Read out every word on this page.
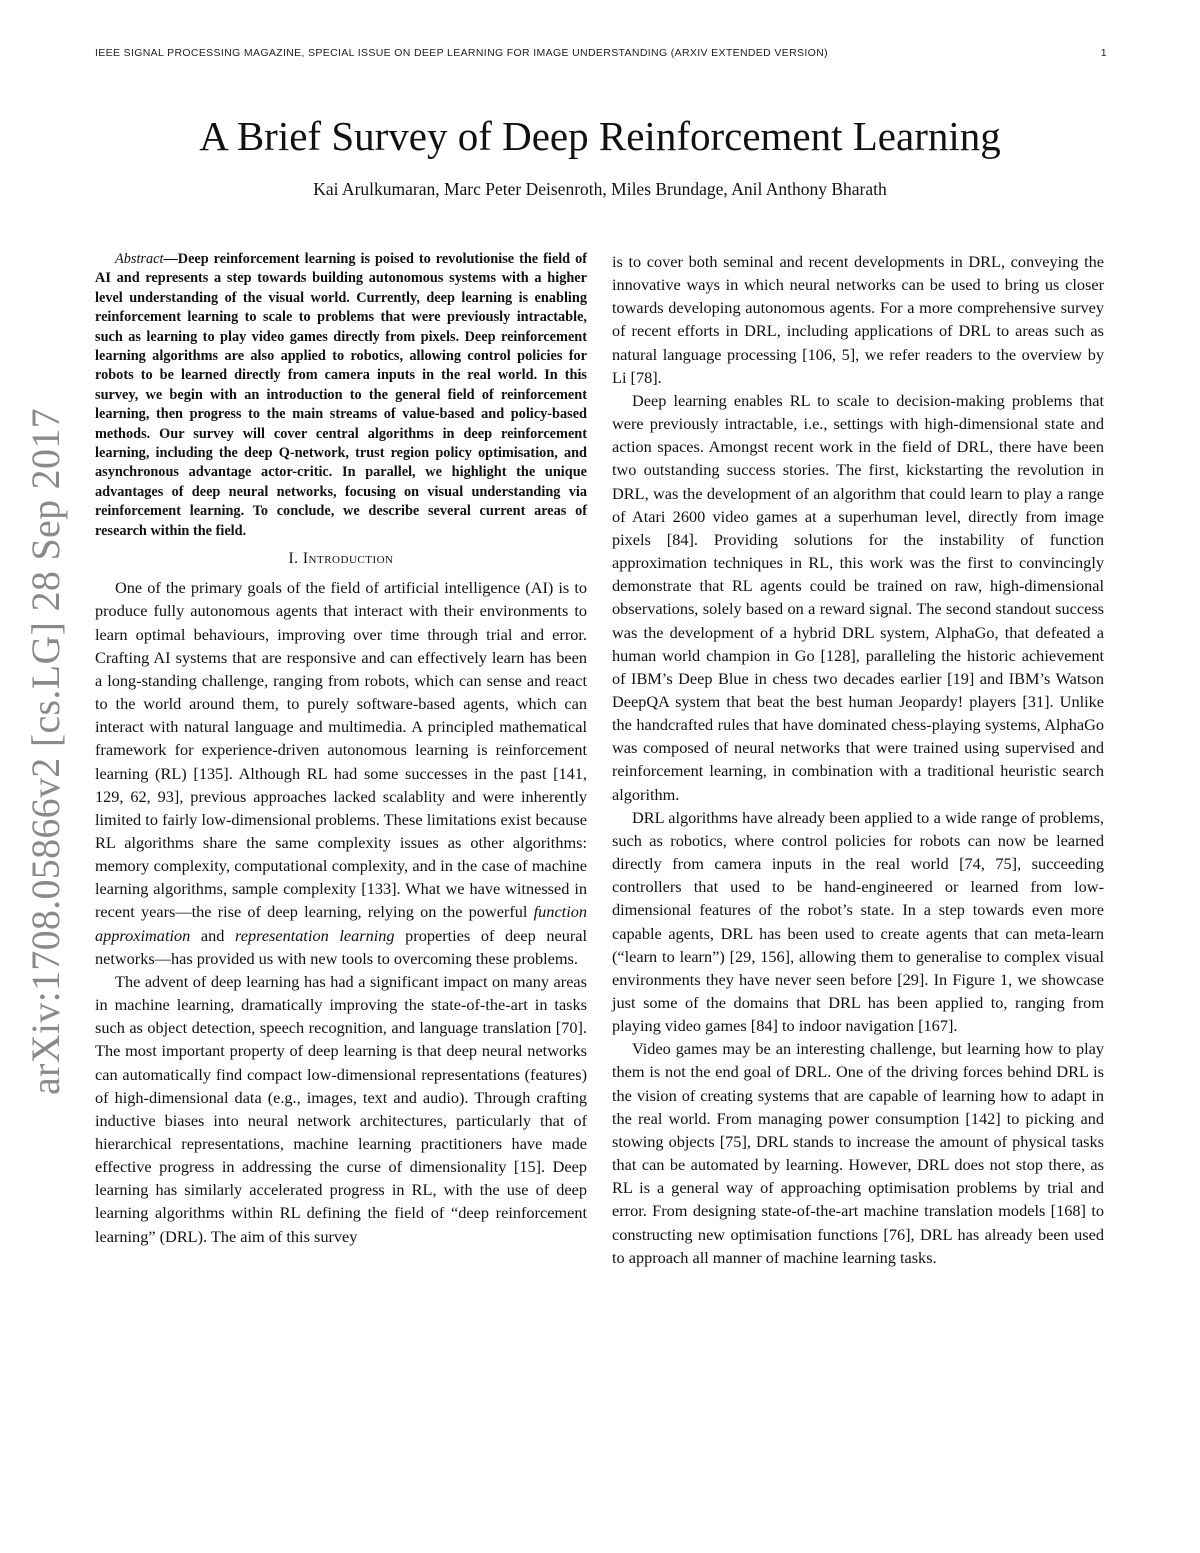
IEEE SIGNAL PROCESSING MAGAZINE, SPECIAL ISSUE ON DEEP LEARNING FOR IMAGE UNDERSTANDING (ARXIV EXTENDED VERSION)	1
arXiv:1708.05866v2 [cs.LG] 28 Sep 2017
A Brief Survey of Deep Reinforcement Learning
Kai Arulkumaran, Marc Peter Deisenroth, Miles Brundage, Anil Anthony Bharath

Abstract—Deep reinforcement learning is poised to revolutionise the field of AI and represents a step towards building autonomous systems with a higher level understanding of the visual world. Currently, deep learning is enabling reinforcement learning to scale to problems that were previously intractable, such as learning to play video games directly from pixels. Deep reinforcement learning algorithms are also applied to robotics, allowing control policies for robots to be learned directly from camera inputs in the real world. In this survey, we begin with an introduction to the general field of reinforcement learning, then progress to the main streams of value-based and policy-based methods. Our survey will cover central algorithms in deep reinforcement learning, including the deep Q-network, trust region policy optimisation, and asynchronous advantage actor-critic. In parallel, we highlight the unique advantages of deep neural networks, focusing on visual understanding via reinforcement learning. To conclude, we describe several current areas of research within the field.

I. Introduction

One of the primary goals of the field of artificial intelligence (AI) is to produce fully autonomous agents that interact with their environments to learn optimal behaviours, improving over time through trial and error. Crafting AI systems that are responsive and can effectively learn has been a long-standing challenge, ranging from robots, which can sense and react to the world around them, to purely software-based agents, which can interact with natural language and multimedia. A principled mathematical framework for experience-driven autonomous learning is reinforcement learning (RL) [135]. Although RL had some successes in the past [141, 129, 62, 93], previous approaches lacked scalablity and were inherently limited to fairly low-dimensional problems. These limitations exist because RL algorithms share the same complexity issues as other algorithms: memory complexity, computational complexity, and in the case of machine learning algorithms, sample complexity [133]. What we have witnessed in recent years—the rise of deep learning, relying on the powerful function approximation and representation learning properties of deep neural networks—has provided us with new tools to overcoming these problems.

The advent of deep learning has had a significant impact on many areas in machine learning, dramatically improving the state-of-the-art in tasks such as object detection, speech recognition, and language translation [70]. The most important property of deep learning is that deep neural networks can automatically find compact low-dimensional representations (features) of high-dimensional data (e.g., images, text and audio). Through crafting inductive biases into neural network architectures, particularly that of hierarchical representations, machine learning practitioners have made effective progress in addressing the curse of dimensionality [15]. Deep learning has similarly accelerated progress in RL, with the use of deep learning algorithms within RL defining the field of “deep reinforcement learning” (DRL). The aim of this survey

is to cover both seminal and recent developments in DRL, conveying the innovative ways in which neural networks can be used to bring us closer towards developing autonomous agents. For a more comprehensive survey of recent efforts in DRL, including applications of DRL to areas such as natural language processing [106, 5], we refer readers to the overview by Li [78].

Deep learning enables RL to scale to decision-making problems that were previously intractable, i.e., settings with high-dimensional state and action spaces. Amongst recent work in the field of DRL, there have been two outstanding success stories. The first, kickstarting the revolution in DRL, was the development of an algorithm that could learn to play a range of Atari 2600 video games at a superhuman level, directly from image pixels [84]. Providing solutions for the instability of function approximation techniques in RL, this work was the first to convincingly demonstrate that RL agents could be trained on raw, high-dimensional observations, solely based on a reward signal. The second standout success was the development of a hybrid DRL system, AlphaGo, that defeated a human world champion in Go [128], paralleling the historic achievement of IBM’s Deep Blue in chess two decades earlier [19] and IBM’s Watson DeepQA system that beat the best human Jeopardy! players [31]. Unlike the handcrafted rules that have dominated chess-playing systems, AlphaGo was composed of neural networks that were trained using supervised and reinforcement learning, in combination with a traditional heuristic search algorithm.

DRL algorithms have already been applied to a wide range of problems, such as robotics, where control policies for robots can now be learned directly from camera inputs in the real world [74, 75], succeeding controllers that used to be hand-engineered or learned from low-dimensional features of the robot’s state. In a step towards even more capable agents, DRL has been used to create agents that can meta-learn (“learn to learn”) [29, 156], allowing them to generalise to complex visual environments they have never seen before [29]. In Figure 1, we showcase just some of the domains that DRL has been applied to, ranging from playing video games [84] to indoor navigation [167].

Video games may be an interesting challenge, but learning how to play them is not the end goal of DRL. One of the driving forces behind DRL is the vision of creating systems that are capable of learning how to adapt in the real world. From managing power consumption [142] to picking and stowing objects [75], DRL stands to increase the amount of physical tasks that can be automated by learning. However, DRL does not stop there, as RL is a general way of approaching optimisation problems by trial and error. From designing state-of-the-art machine translation models [168] to constructing new optimisation functions [76], DRL has already been used to approach all manner of machine learning tasks.
